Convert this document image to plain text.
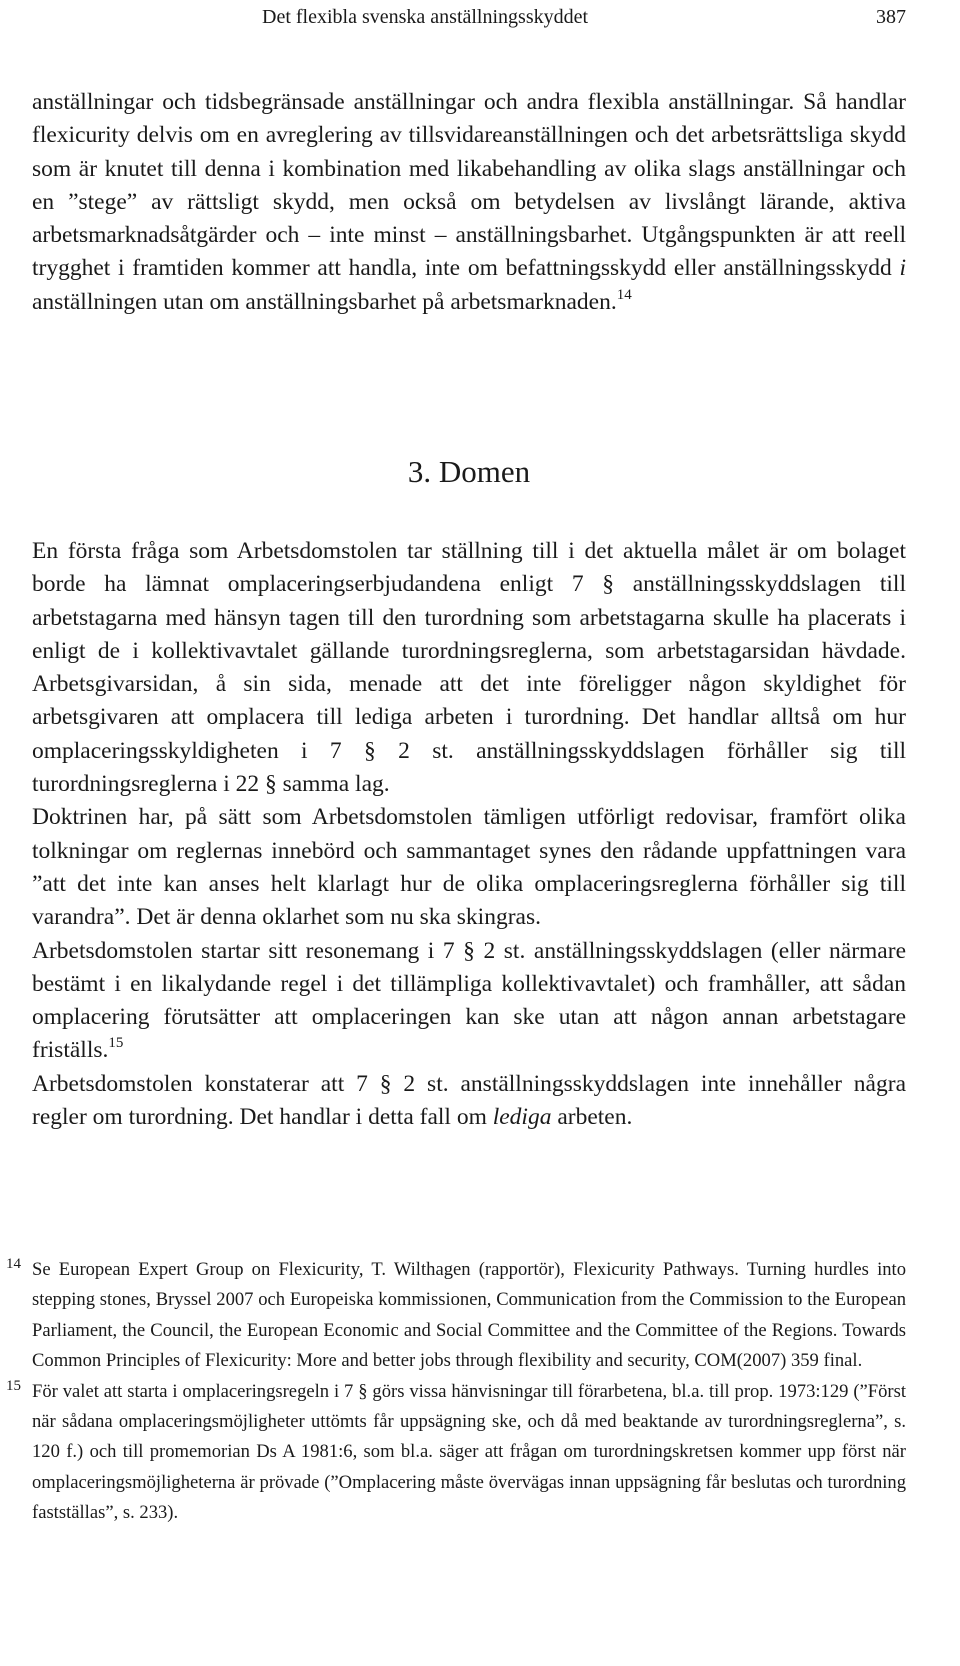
Det flexibla svenska anställningsskyddet	387

anställningar och tidsbegränsade anställningar och andra flexibla anställningar. Så handlar flexicurity delvis om en avreglering av tillsvidareanställningen och det arbetsrättsliga skydd som är knutet till denna i kombination med likabehandling av olika slags anställningar och en ”stege” av rättsligt skydd, men också om betydelsen av livslångt lärande, aktiva arbetsmarknadsåtgärder och – inte minst – anställningsbarhet. Utgångspunkten är att reell trygghet i framtiden kommer att handla, inte om befattningsskydd eller anställningsskydd i anställningen utan om anställningsbarhet på arbetsmarknaden.$^{14}$

3. Domen

En första fråga som Arbetsdomstolen tar ställning till i det aktuella målet är om bolaget borde ha lämnat omplaceringserbjudandena enligt 7 § anställningsskyddslagen till arbetstagarna med hänsyn tagen till den turordning som arbetstagarna skulle ha placerats i enligt de i kollektivavtalet gällande turordningsreglerna, som arbetstagarsidan hävdade. Arbetsgivarsidan, å sin sida, menade att det inte föreligger någon skyldighet för arbetsgivaren att omplacera till lediga arbeten i turordning. Det handlar alltså om hur omplaceringsskyldigheten i 7 § 2 st. anställningsskyddslagen förhåller sig till turordningsreglerna i 22 § samma lag.

Doktrinen har, på sätt som Arbetsdomstolen tämligen utförligt redovisar, framfört olika tolkningar om reglernas innebörd och sammantaget synes den rådande uppfattningen vara ”att det inte kan anses helt klarlagt hur de olika omplaceringsreglerna förhåller sig till varandra”. Det är denna oklarhet som nu ska skingras.

Arbetsdomstolen startar sitt resonemang i 7 § 2 st. anställningsskyddslagen (eller närmare bestämt i en likalydande regel i det tillämpliga kollektivavtalet) och framhåller, att sådan omplacering förutsätter att omplaceringen kan ske utan att någon annan arbetstagare friställs.$^{15}$

Arbetsdomstolen konstaterar att 7 § 2 st. anställningsskyddslagen inte innehåller några regler om turordning. Det handlar i detta fall om lediga arbeten.

14 Se European Expert Group on Flexicurity, T. Wilthagen (rapportör), Flexicurity Pathways. Turning hurdles into stepping stones, Bryssel 2007 och Europeiska kommissionen, Communication from the Commission to the European Parliament, the Council, the European Economic and Social Committee and the Committee of the Regions. Towards Common Principles of Flexicurity: More and better jobs through flexibility and security, COM(2007) 359 final.
15 För valet att starta i omplaceringsregeln i 7 § görs vissa hänvisningar till förarbetena, bl.a. till prop. 1973:129 (”Först när sådana omplaceringsmöjligheter uttömts får uppsägning ske, och då med beaktande av turordningsreglerna”, s. 120 f.) och till promemorian Ds A 1981:6, som bl.a. säger att frågan om turordningskretsen kommer upp först när omplaceringsmöjligheterna är prövade (”Omplacering måste övervägas innan uppsägning får beslutas och turordning fastställas”, s. 233).
